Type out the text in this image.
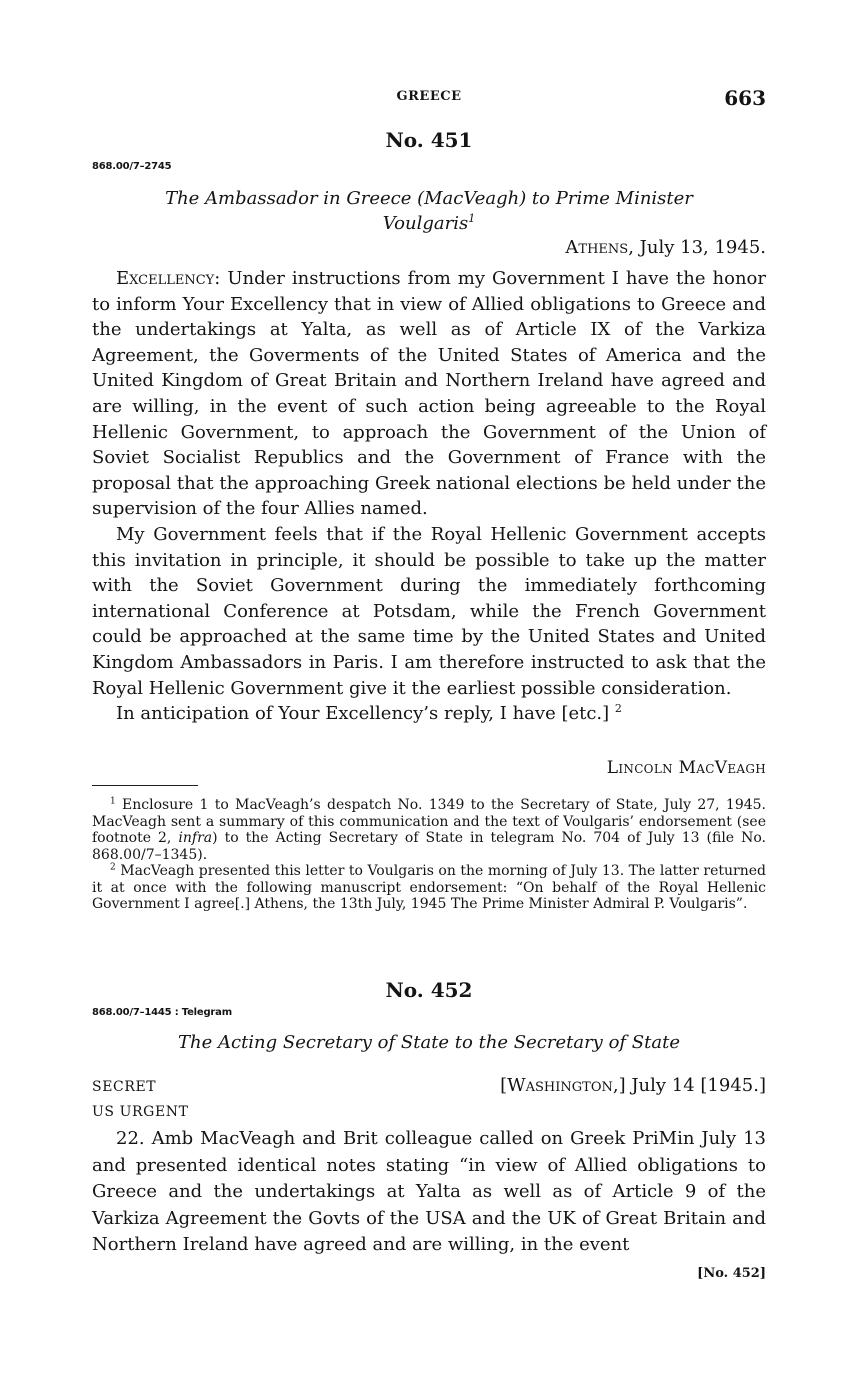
GREECE	663
No. 451
868.00/7–2745
The Ambassador in Greece (MacVeagh) to Prime Minister
Voulgaris$^1$
Athens, July 13, 1945.

Excellency: Under instructions from my Government I have the honor to inform Your Excellency that in view of Allied obligations to Greece and the undertakings at Yalta, as well as of Article IX of the Varkiza Agreement, the Goverments of the United States of America and the United Kingdom of Great Britain and Northern Ireland have agreed and are willing, in the event of such action being agreeable to the Royal Hellenic Government, to approach the Government of the Union of Soviet Socialist Republics and the Government of France with the proposal that the approaching Greek national elections be held under the supervision of the four Allies named.

My Government feels that if the Royal Hellenic Government accepts this invitation in principle, it should be possible to take up the matter with the Soviet Government during the immediately forthcoming international Conference at Potsdam, while the French Government could be approached at the same time by the United States and United Kingdom Ambassadors in Paris. I am therefore instructed to ask that the Royal Hellenic Government give it the earliest possible consideration.

In anticipation of Your Excellency’s reply, I have [etc.] $^2$

Lincoln MacVeagh

$^1$ Enclosure 1 to MacVeagh’s despatch No. 1349 to the Secretary of State, July 27, 1945. MacVeagh sent a summary of this communication and the text of Voulgaris’ endorsement (see footnote 2, infra) to the Acting Secretary of State in telegram No. 704 of July 13 (file No. 868.00/7–1345).

$^2$ MacVeagh presented this letter to Voulgaris on the morning of July 13. The latter returned it at once with the following manuscript endorsement: “On behalf of the Royal Hellenic Government I agree[.] Athens, the 13th July, 1945 The Prime Minister Admiral P. Voulgaris”.

No. 452
868.00/7–1445 : Telegram
The Acting Secretary of State to the Secretary of State
SECRET	[Washington,] July 14 [1945.]
US URGENT

22. Amb MacVeagh and Brit colleague called on Greek PriMin July 13 and presented identical notes stating “in view of Allied obligations to Greece and the undertakings at Yalta as well as of Article 9 of the Varkiza Agreement the Govts of the USA and the UK of Great Britain and Northern Ireland have agreed and are willing, in the event

[No. 452]
